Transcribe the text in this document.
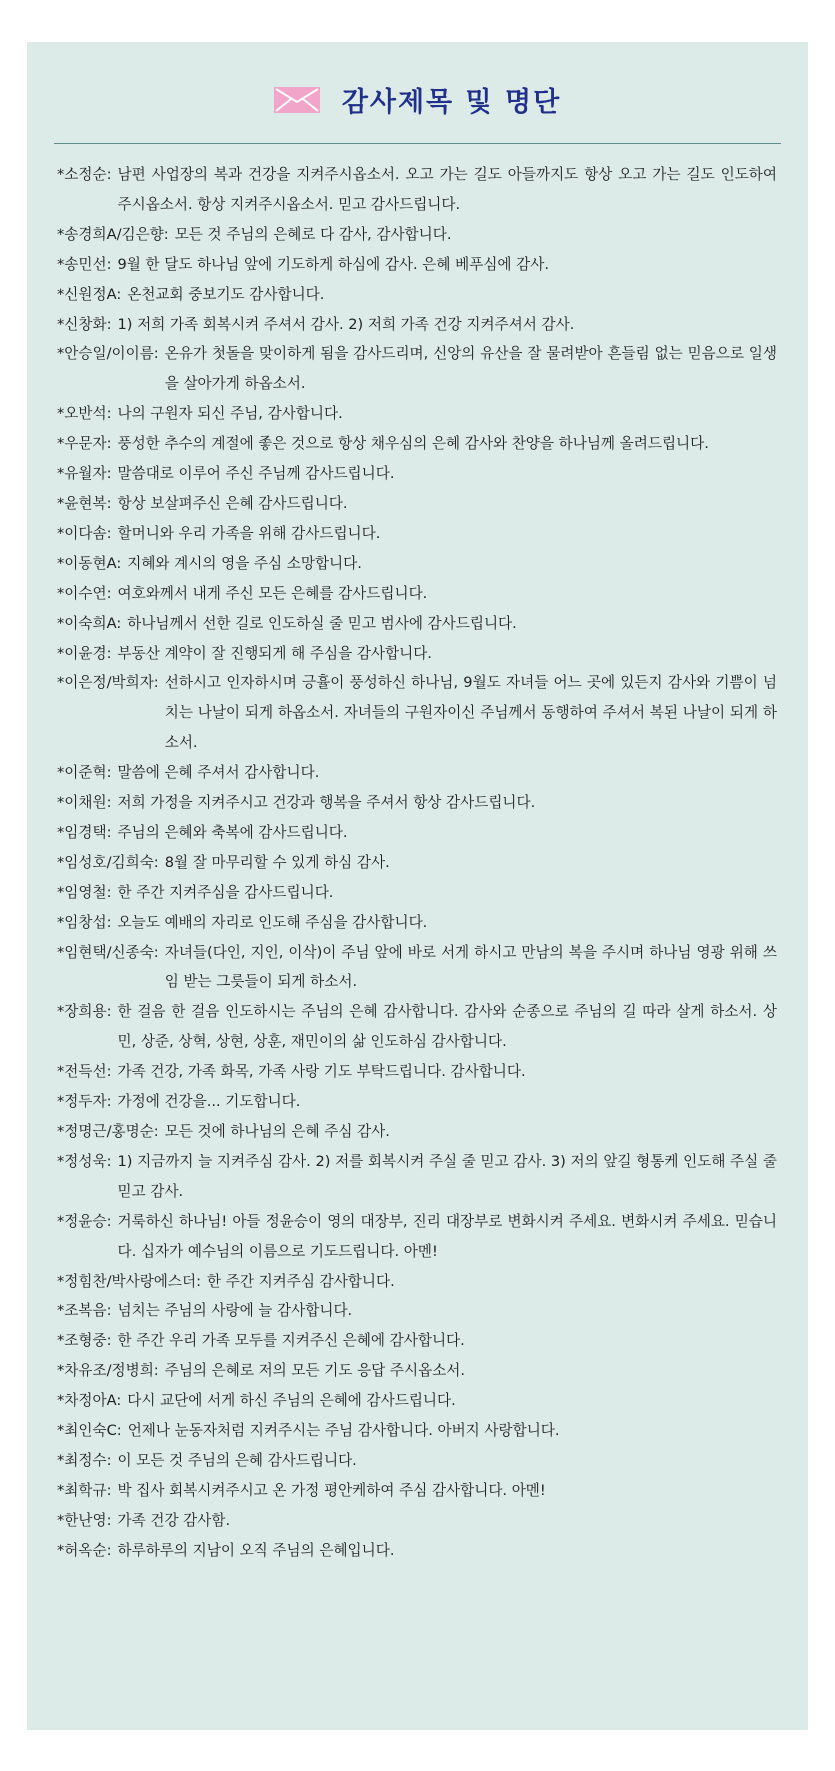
감사제목 및 명단
*소정순: 남편 사업장의 복과 건강을 지켜주시옵소서. 오고 가는 길도 아들까지도 항상 오고 가는 길도 인도하여 주시옵소서. 항상 지켜주시옵소서. 믿고 감사드립니다.
*송경희A/김은향: 모든 것 주님의 은혜로 다 감사, 감사합니다.
*송민선: 9월 한 달도 하나님 앞에 기도하게 하심에 감사. 은혜 베푸심에 감사.
*신원정A: 온천교회 중보기도 감사합니다.
*신창화: 1) 저희 가족 회복시켜 주셔서 감사. 2) 저희 가족 건강 지켜주셔서 감사.
*안승일/이이름: 온유가 첫돌을 맞이하게 됨을 감사드리며, 신앙의 유산을 잘 물려받아 흔들림 없는 믿음으로 일생을 살아가게 하옵소서.
*오반석: 나의 구원자 되신 주님, 감사합니다.
*우문자: 풍성한 추수의 계절에 좋은 것으로 항상 채우심의 은혜 감사와 찬양을 하나님께 올려드립니다.
*유월자: 말씀대로 이루어 주신 주님께 감사드립니다.
*윤현복: 항상 보살펴주신 은혜 감사드립니다.
*이다솜: 할머니와 우리 가족을 위해 감사드립니다.
*이동현A: 지혜와 계시의 영을 주심 소망합니다.
*이수연: 여호와께서 내게 주신 모든 은혜를 감사드립니다.
*이숙희A: 하나님께서 선한 길로 인도하실 줄 믿고 범사에 감사드립니다.
*이윤경: 부동산 계약이 잘 진행되게 해 주심을 감사합니다.
*이은정/박희자: 선하시고 인자하시며 긍휼이 풍성하신 하나님, 9월도 자녀들 어느 곳에 있든지 감사와 기쁨이 넘치는 나날이 되게 하옵소서. 자녀들의 구원자이신 주님께서 동행하여 주셔서 복된 나날이 되게 하소서.
*이준혁: 말씀에 은혜 주셔서 감사합니다.
*이채원: 저희 가정을 지켜주시고 건강과 행복을 주셔서 항상 감사드립니다.
*임경택: 주님의 은혜와 축복에 감사드립니다.
*임성호/김희숙: 8월 잘 마무리할 수 있게 하심 감사.
*임영철: 한 주간 지켜주심을 감사드립니다.
*임창섭: 오늘도 예배의 자리로 인도해 주심을 감사합니다.
*임현택/신종숙: 자녀들(다인, 지인, 이삭)이 주님 앞에 바로 서게 하시고 만남의 복을 주시며 하나님 영광 위해 쓰임 받는 그릇들이 되게 하소서.
*장희용: 한 걸음 한 걸음 인도하시는 주님의 은혜 감사합니다. 감사와 순종으로 주님의 길 따라 살게 하소서. 상민, 상준, 상혁, 상현, 상훈, 재민이의 삶 인도하심 감사합니다.
*전득선: 가족 건강, 가족 화목, 가족 사랑 기도 부탁드립니다. 감사합니다.
*정두자: 가정에 건강을... 기도합니다.
*정명근/홍명순: 모든 것에 하나님의 은혜 주심 감사.
*정성욱: 1) 지금까지 늘 지켜주심 감사. 2) 저를 회복시켜 주실 줄 믿고 감사. 3) 저의 앞길 형통케 인도해 주실 줄 믿고 감사.
*정윤승: 거룩하신 하나님! 아들 정윤승이 영의 대장부, 진리 대장부로 변화시켜 주세요. 변화시켜 주세요. 믿습니다. 십자가 예수님의 이름으로 기도드립니다. 아멘!
*정힘찬/박사랑에스더: 한 주간 지켜주심 감사합니다.
*조복음: 넘치는 주님의 사랑에 늘 감사합니다.
*조형중: 한 주간 우리 가족 모두를 지켜주신 은혜에 감사합니다.
*차유조/정병희: 주님의 은혜로 저의 모든 기도 응답 주시옵소서.
*차정아A: 다시 교단에 서게 하신 주님의 은혜에 감사드립니다.
*최인숙C: 언제나 눈동자처럼 지켜주시는 주님 감사합니다. 아버지 사랑합니다.
*최정수: 이 모든 것 주님의 은혜 감사드립니다.
*최학규: 박 집사 회복시켜주시고 온 가정 평안케하여 주심 감사합니다. 아멘!
*한난영: 가족 건강 감사함.
*허옥순: 하루하루의 지남이 오직 주님의 은혜입니다.
